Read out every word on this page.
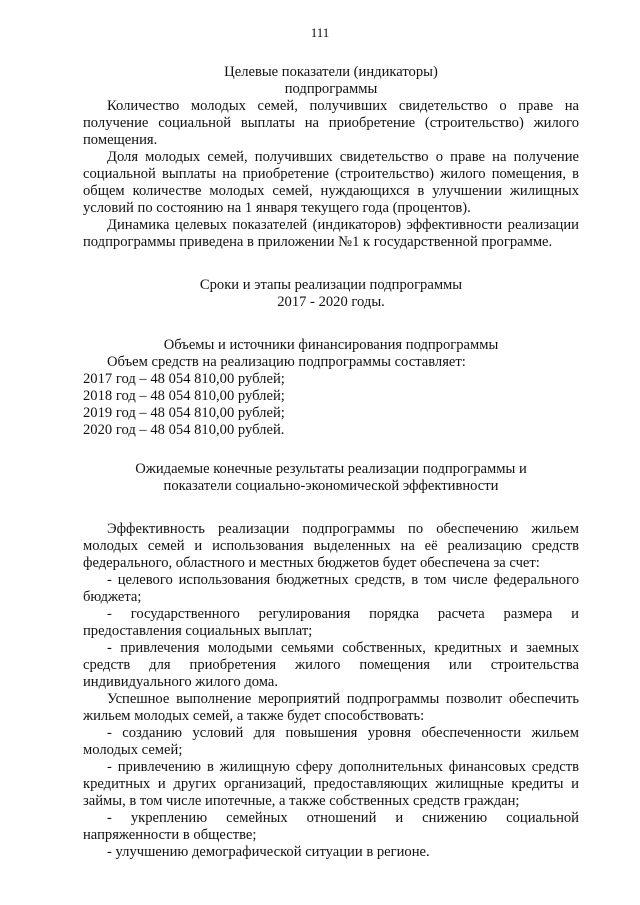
111
Целевые показатели (индикаторы)
подпрограммы
Количество молодых семей, получивших свидетельство о праве на получение социальной выплаты на приобретение (строительство) жилого помещения.
Доля молодых семей, получивших свидетельство о праве на получение социальной выплаты на приобретение (строительство) жилого помещения, в общем количестве молодых семей, нуждающихся в улучшении жилищных условий по состоянию на 1 января текущего года (процентов).
Динамика целевых показателей (индикаторов) эффективности реализации подпрограммы приведена в приложении №1 к государственной программе.
Сроки и этапы реализации подпрограммы
2017 - 2020 годы.
Объемы и источники финансирования подпрограммы
Объем средств на реализацию подпрограммы составляет:
2017 год – 48 054 810,00 рублей;
2018 год – 48 054 810,00 рублей;
2019 год – 48 054 810,00 рублей;
2020 год – 48 054 810,00 рублей.
Ожидаемые конечные результаты реализации подпрограммы и
показатели социально-экономической эффективности
Эффективность реализации подпрограммы по обеспечению жильем молодых семей и использования выделенных на её реализацию средств федерального, областного и местных бюджетов будет обеспечена за счет:
- целевого использования бюджетных средств, в том числе федерального бюджета;
- государственного регулирования порядка расчета размера и предоставления социальных выплат;
- привлечения молодыми семьями собственных, кредитных и заемных средств для приобретения жилого помещения или строительства индивидуального жилого дома.
Успешное выполнение мероприятий подпрограммы позволит обеспечить жильем молодых семей, а также будет способствовать:
- созданию условий для повышения уровня обеспеченности жильем молодых семей;
- привлечению в жилищную сферу дополнительных финансовых средств кредитных и других организаций, предоставляющих жилищные кредиты и займы, в том числе ипотечные, а также собственных средств граждан;
- укреплению семейных отношений и снижению социальной напряженности в обществе;
- улучшению демографической ситуации в регионе.
